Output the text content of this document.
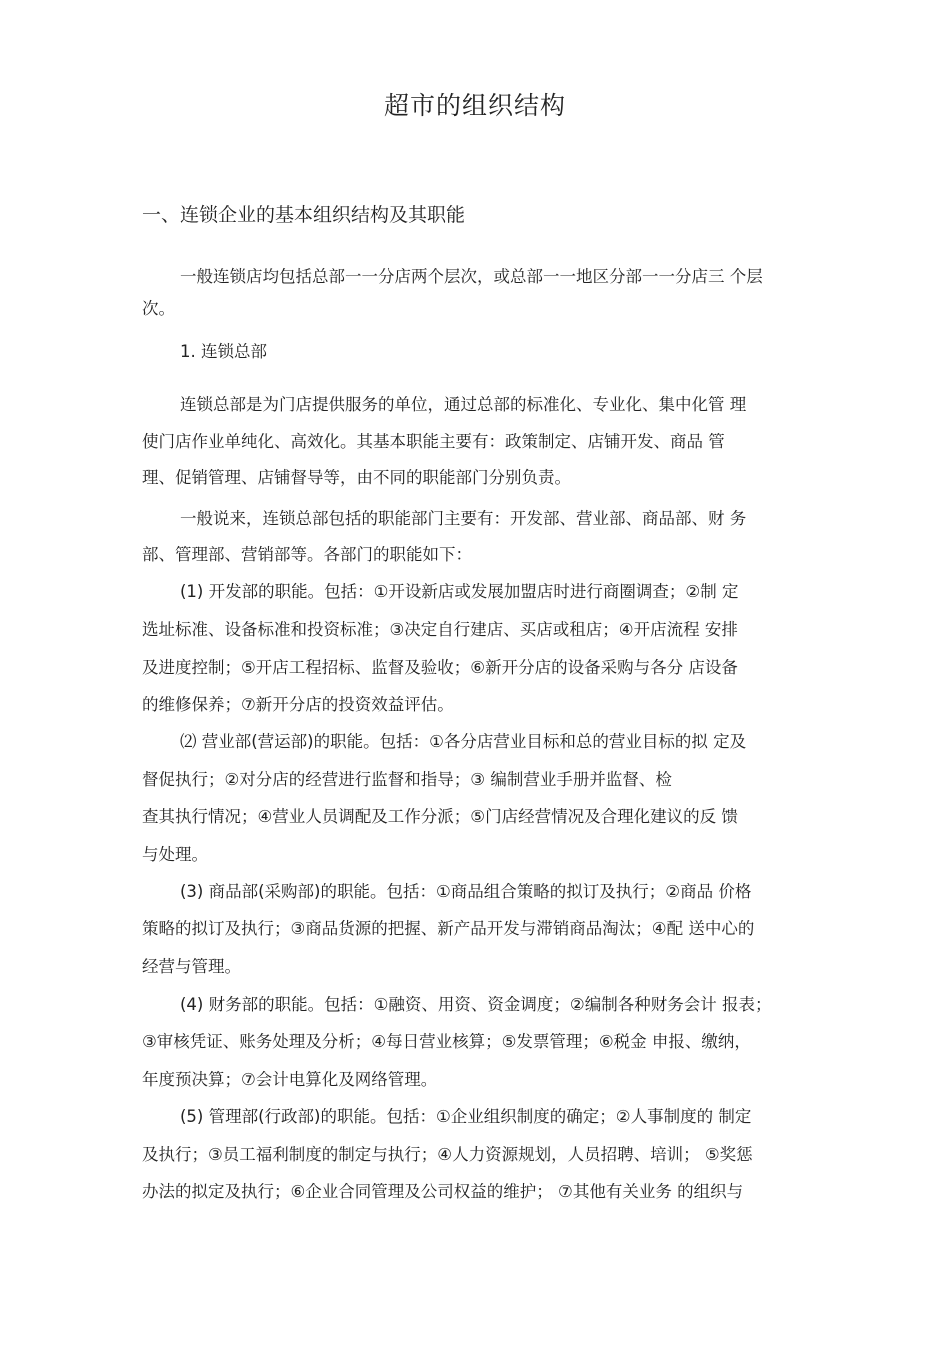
超市的组织结构
一、连锁企业的基本组织结构及其职能
一般连锁店均包括总部一一分店两个层次，或总部一一地区分部一一分店三 个层
次。
1. 连锁总部
连锁总部是为门店提供服务的单位，通过总部的标准化、专业化、集中化管 理
使门店作业单纯化、高效化。其基本职能主要有：政策制定、店铺开发、商品 管
理、促销管理、店铺督导等，由不同的职能部门分别负责。
一般说来，连锁总部包括的职能部门主要有：开发部、营业部、商品部、财 务
部、管理部、营销部等。各部门的职能如下：
(1) 开发部的职能。包括：①开设新店或发展加盟店时进行商圈调查；②制 定
选址标准、设备标准和投资标准；③决定自行建店、买店或租店；④开店流程 安排
及进度控制；⑤开店工程招标、监督及验收；⑥新开分店的设备采购与各分 店设备
的维修保养；⑦新开分店的投资效益评估。
⑵ 营业部(营运部)的职能。包括：①各分店营业目标和总的营业目标的拟 定及
督促执行；②对分店的经营进行监督和指导；③ 编制营业手册并监督、检
查其执行情况；④营业人员调配及工作分派；⑤门店经营情况及合理化建议的反 馈
与处理。
(3) 商品部(采购部)的职能。包括：①商品组合策略的拟订及执行；②商品 价格
策略的拟订及执行；③商品货源的把握、新产品开发与滞销商品淘汰；④配 送中心的
经营与管理。
(4) 财务部的职能。包括：①融资、用资、资金调度；②编制各种财务会计 报表；
③审核凭证、账务处理及分析；④每日营业核算；⑤发票管理；⑥税金 申报、缴纳，
年度预决算；⑦会计电算化及网络管理。
(5) 管理部(行政部)的职能。包括：①企业组织制度的确定；②人事制度的 制定
及执行；③员工福利制度的制定与执行；④人力资源规划，人员招聘、培训； ⑤奖惩
办法的拟定及执行；⑥企业合同管理及公司权益的维护； ⑦其他有关业务 的组织与
